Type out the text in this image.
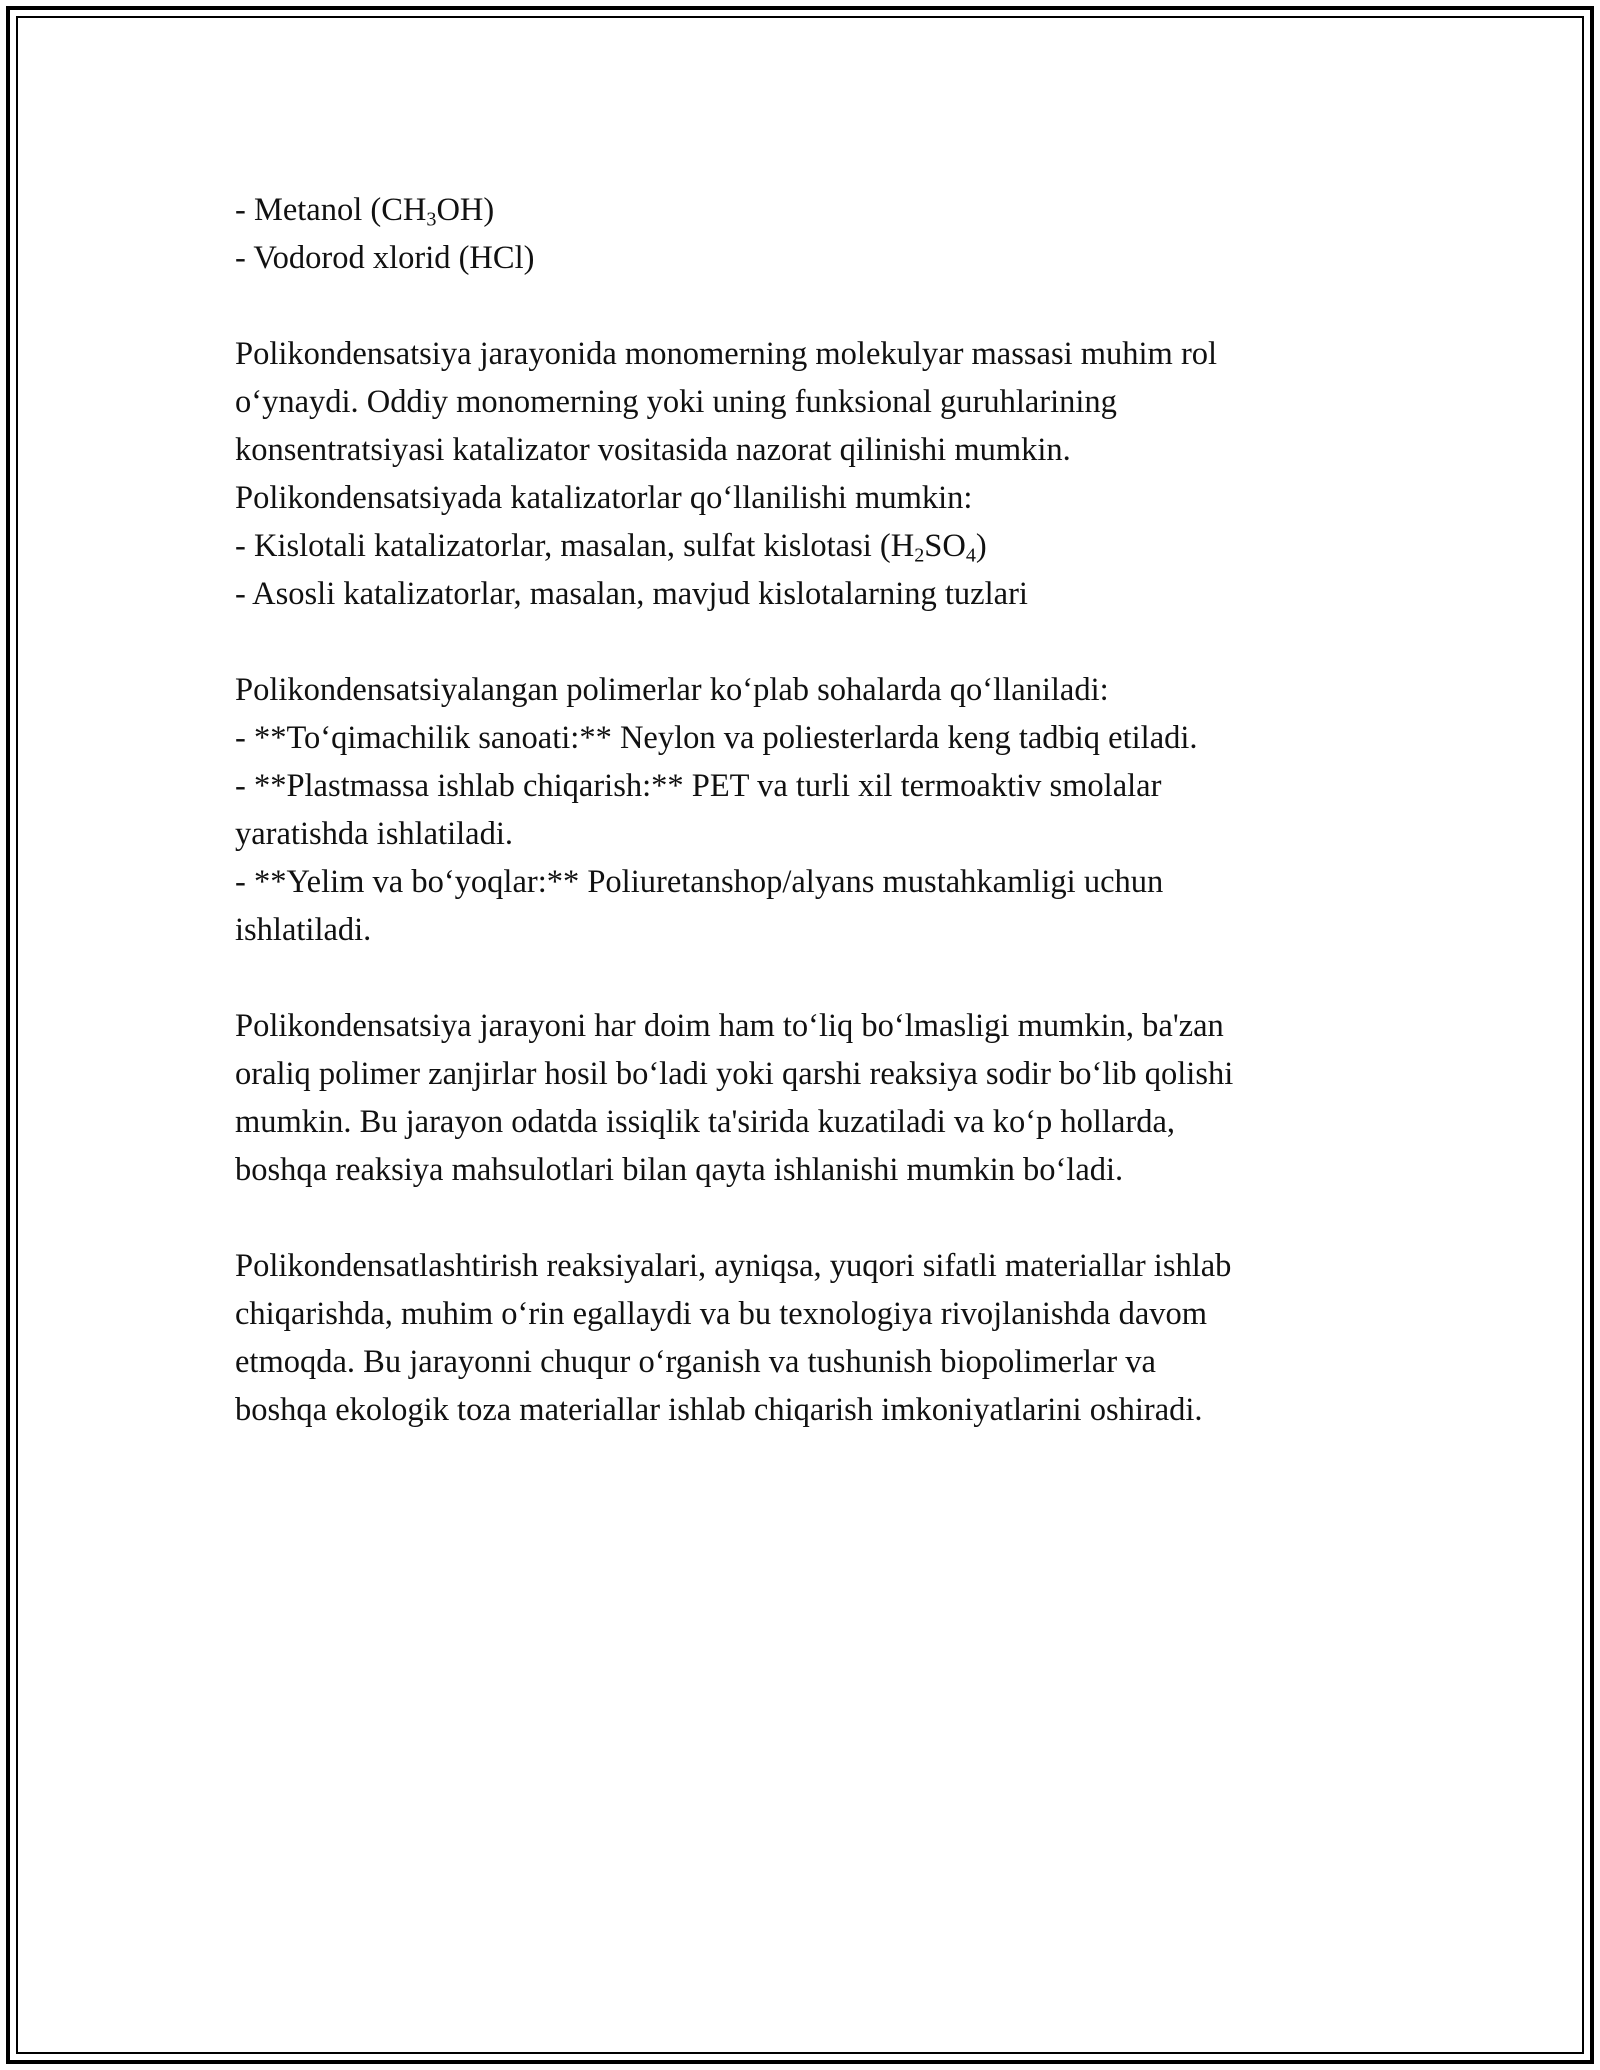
- Metanol $(CH_3OH)$
- Vodorod xlorid (HCl)
Polikondensatsiya jarayonida monomerning molekulyar massasi muhim rol
o‘ynaydi. Oddiy monomerning yoki uning funksional guruhlarining
konsentratsiyasi katalizator vositasida nazorat qilinishi mumkin.
Polikondensatsiyada katalizatorlar qo‘llanilishi mumkin:
- Kislotali katalizatorlar, masalan, sulfat kislotasi $(H_2SO_4)$
- Asosli katalizatorlar, masalan, mavjud kislotalarning tuzlari
Polikondensatsiyalangan polimerlar ko‘plab sohalarda qo‘llaniladi:
- **To‘qimachilik sanoati:** Neylon va poliesterlarda keng tadbiq etiladi.
- **Plastmassa ishlab chiqarish:** PET va turli xil termoaktiv smolalar
yaratishda ishlatiladi.
- **Yelim va bo‘yoqlar:** Poliuretanshop/alyans mustahkamligi uchun
ishlatiladi.
Polikondensatsiya jarayoni har doim ham to‘liq bo‘lmasligi mumkin, ba'zan
oraliq polimer zanjirlar hosil bo‘ladi yoki qarshi reaksiya sodir bo‘lib qolishi
mumkin. Bu jarayon odatda issiqlik ta'sirida kuzatiladi va ko‘p hollarda,
boshqa reaksiya mahsulotlari bilan qayta ishlanishi mumkin bo‘ladi.
Polikondensatlashtirish reaksiyalari, ayniqsa, yuqori sifatli materiallar ishlab
chiqarishda, muhim o‘rin egallaydi va bu texnologiya rivojlanishda davom
etmoqda. Bu jarayonni chuqur o‘rganish va tushunish biopolimerlar va
boshqa ekologik toza materiallar ishlab chiqarish imkoniyatlarini oshiradi.
